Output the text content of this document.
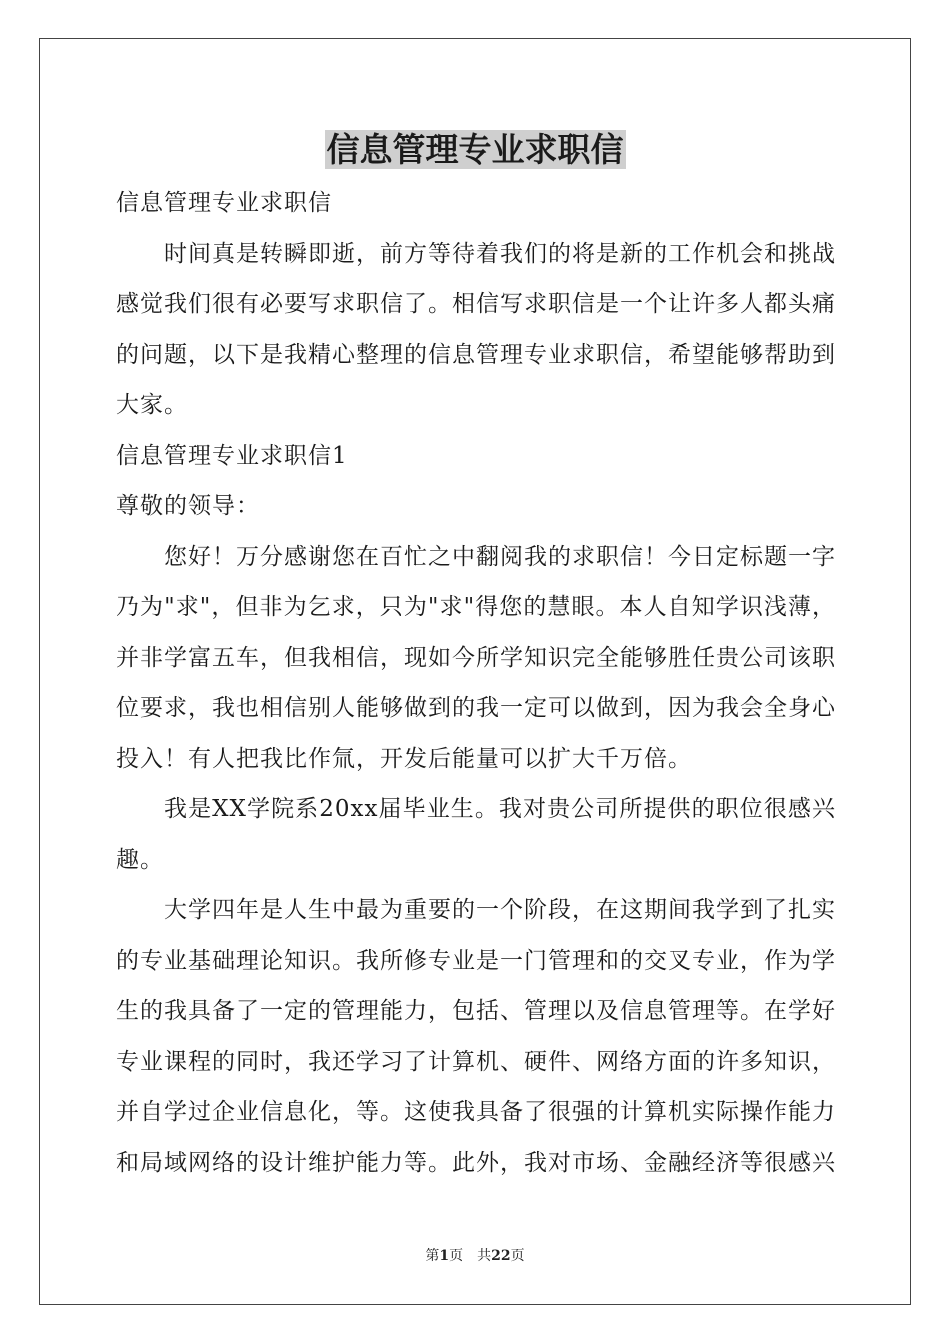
信息管理专业求职信

信息管理专业求职信

时间真是转瞬即逝，前方等待着我们的将是新的工作机会和挑战感觉我们很有必要写求职信了。相信写求职信是一个让许多人都头痛的问题，以下是我精心整理的信息管理专业求职信，希望能够帮助到大家。

信息管理专业求职信1

尊敬的领导：

您好！万分感谢您在百忙之中翻阅我的求职信！今日定标题一字乃为"求"，但非为乞求，只为"求"得您的慧眼。本人自知学识浅薄，并非学富五车，但我相信，现如今所学知识完全能够胜任贵公司该职位要求，我也相信别人能够做到的我一定可以做到，因为我会全身心投入！有人把我比作氚，开发后能量可以扩大千万倍。

我是XX学院系20xx届毕业生。我对贵公司所提供的职位很感兴趣。

大学四年是人生中最为重要的一个阶段，在这期间我学到了扎实的专业基础理论知识。我所修专业是一门管理和的交叉专业，作为学生的我具备了一定的管理能力，包括、管理以及信息管理等。在学好专业课程的同时，我还学习了计算机、硬件、网络方面的许多知识，并自学过企业信息化，等。这使我具备了很强的计算机实际操作能力和局域网络的设计维护能力等。此外，我对市场、金融经济等很感兴

第1页 共22页
